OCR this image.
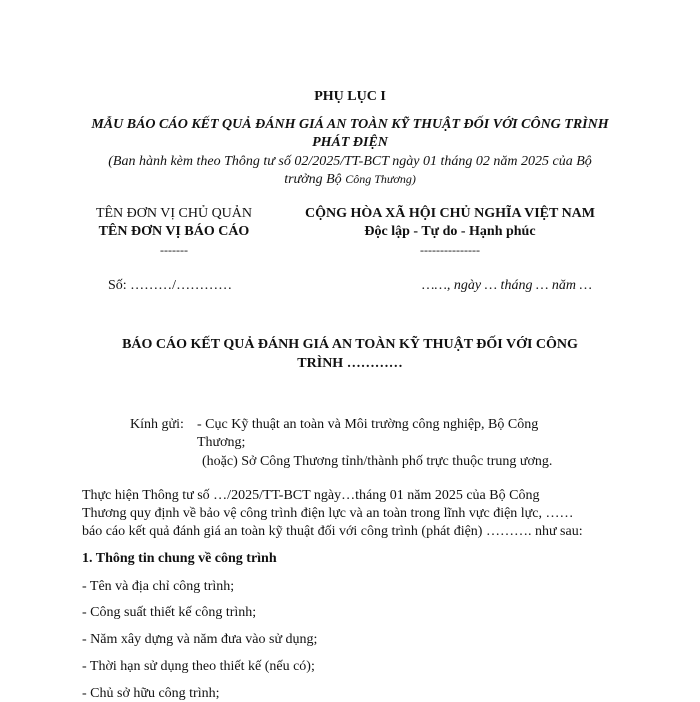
PHỤ LỤC I
MẪU BÁO CÁO KẾT QUẢ ĐÁNH GIÁ AN TOÀN KỸ THUẬT ĐỐI VỚI CÔNG TRÌNH
PHÁT ĐIỆN
(Ban hành kèm theo Thông tư số 02/2025/TT-BCT ngày 01 tháng 02 năm 2025 của Bộ
trưởng Bộ Công Thương)
TÊN ĐƠN VỊ CHỦ QUẢN
TÊN ĐƠN VỊ BÁO CÁO
-------
CỘNG HÒA XÃ HỘI CHỦ NGHĨA VIỆT NAM
Độc lập - Tự do - Hạnh phúc
---------------
Số: ………/…………	……, ngày … tháng … năm …
BÁO CÁO KẾT QUẢ ĐÁNH GIÁ AN TOÀN KỸ THUẬT ĐỐI VỚI CÔNG
TRÌNH …………
Kính gửi: - Cục Kỹ thuật an toàn và Môi trường công nghiệp, Bộ Công
Thương;
(hoặc) Sở Công Thương tỉnh/thành phố trực thuộc trung ương.
Thực hiện Thông tư số …/2025/TT-BCT ngày…tháng 01 năm 2025 của Bộ Công
Thương quy định về bảo vệ công trình điện lực và an toàn trong lĩnh vực điện lực, ……
báo cáo kết quả đánh giá an toàn kỹ thuật đối với công trình (phát điện) ………. như sau:
1. Thông tin chung về công trình
- Tên và địa chỉ công trình;
- Công suất thiết kế công trình;
- Năm xây dựng và năm đưa vào sử dụng;
- Thời hạn sử dụng theo thiết kế (nếu có);
- Chủ sở hữu công trình;
